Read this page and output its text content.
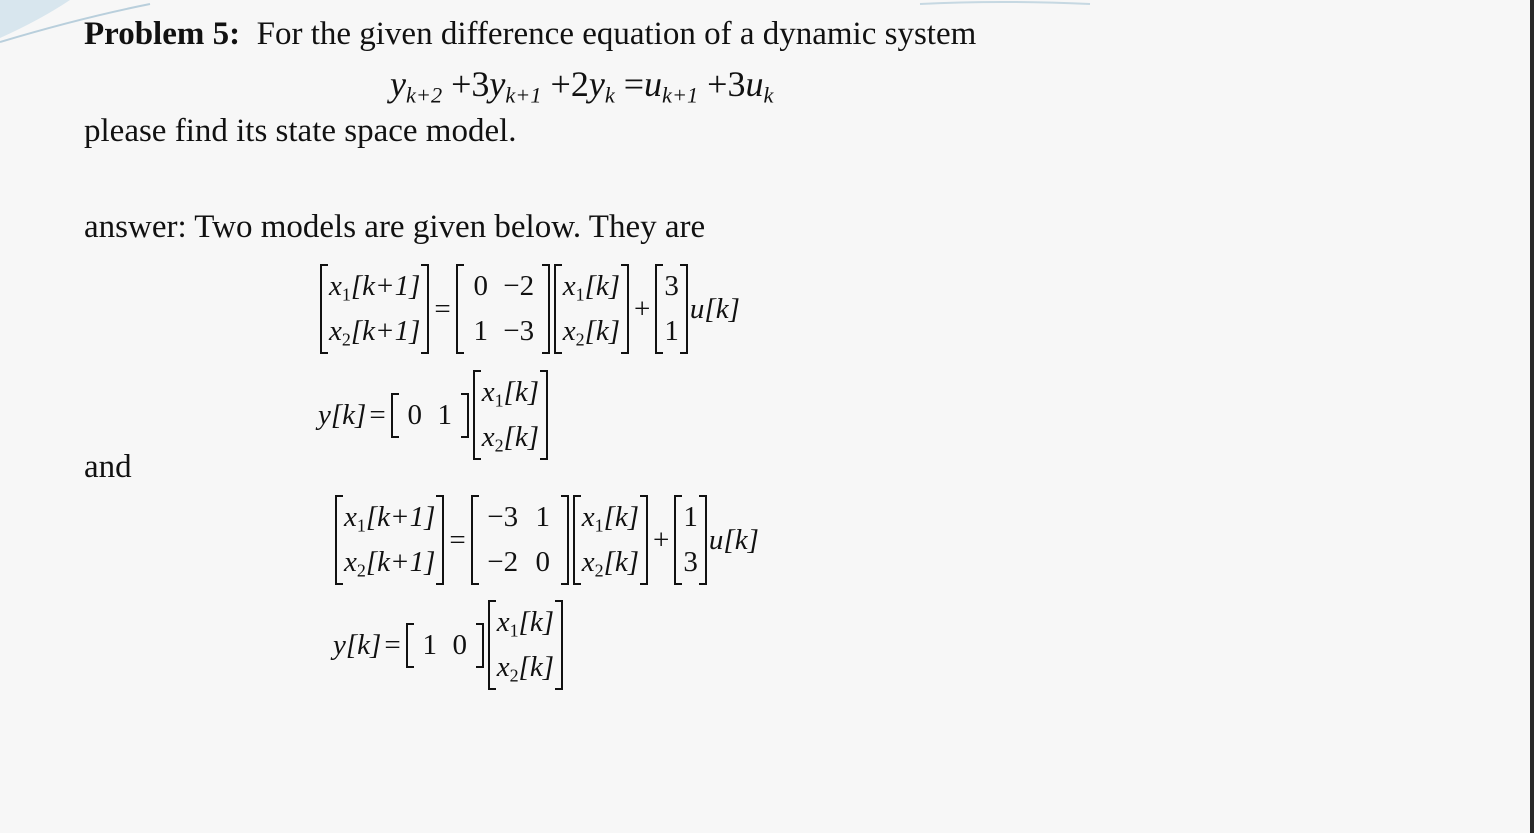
Problem 5: For the given difference equation of a dynamic system
$y_{k+2} +3y_{k+1} +2y_k =u_{k+1} +3u_k$
please find its state space model.
answer: Two models are given below. They are
$x_1[k+1]$
$x_2[k+1]$
=
0 −2
1 −3
$x_1[k]$
$x_2[k]$
+
3
1
u[k]
y[k] = 0 1
$x_1[k]$
$x_2[k]$
and
$x_1[k+1]$
$x_2[k+1]$
=
−3 1
−2 0
$x_1[k]$
$x_2[k]$
+
1
3
u[k]
y[k] = 1 0
$x_1[k]$
$x_2[k]$
